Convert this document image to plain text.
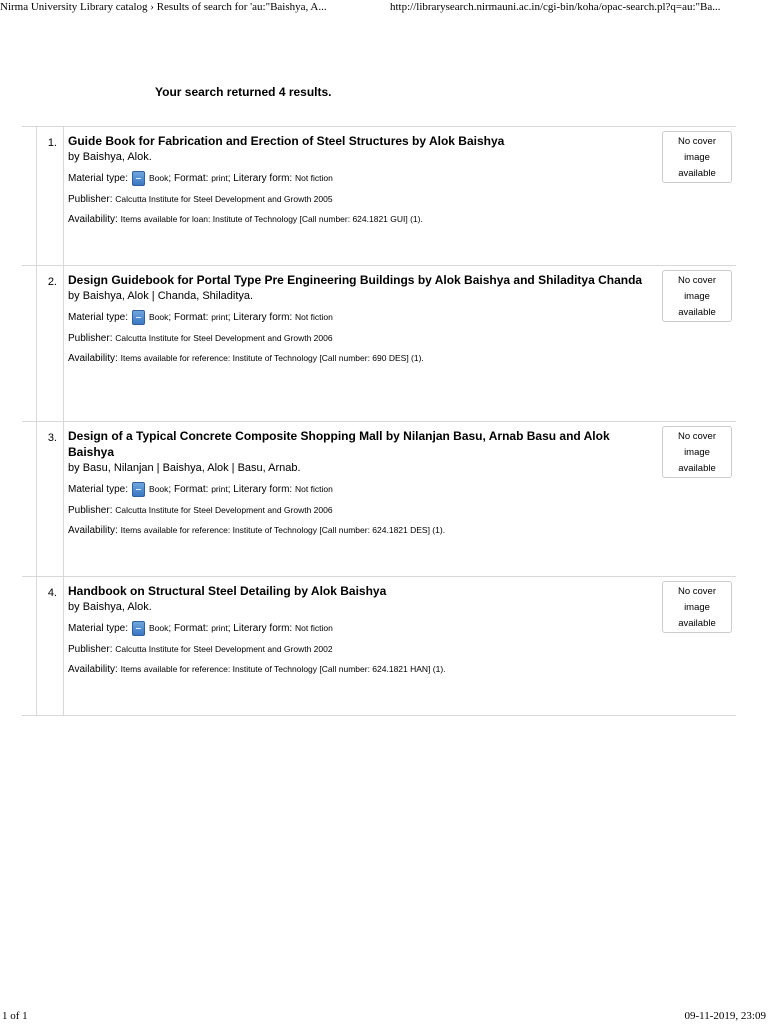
Nirma University Library catalog › Results of search for 'au:"Baishya, A...	http://librarysearch.nirmauni.ac.in/cgi-bin/koha/opac-search.pl?q=au:"Ba...
Your search returned 4 results.
1. Guide Book for Fabrication and Erection of Steel Structures by Alok Baishya
by Baishya, Alok.
Material type: Book ; Format:
print ; Literary form:
Not fiction
Publisher:
Calcutta Institute for Steel Development and Growth 2005
Availability:
Items available for loan: Institute of Technology [Call number: 624.1821 GUI] (1).
No cover
image
available
2. Design Guidebook for Portal Type Pre Engineering Buildings by Alok Baishya and Shiladitya Chanda
by Baishya, Alok | Chanda, Shiladitya.
Material type: Book ; Format:
print ; Literary form:
Not fiction
Publisher:
Calcutta Institute for Steel Development and Growth 2006
Availability:
Items available for reference: Institute of Technology [Call number: 690 DES] (1).
No cover
image
available
3. Design of a Typical Concrete Composite Shopping Mall by Nilanjan Basu, Arnab Basu and Alok Baishya
by Basu, Nilanjan | Baishya, Alok | Basu, Arnab.
Material type: Book ; Format:
print ; Literary form:
Not fiction
Publisher:
Calcutta Institute for Steel Development and Growth 2006
Availability:
Items available for reference: Institute of Technology [Call number: 624.1821 DES] (1).
No cover
image
available
4. Handbook on Structural Steel Detailing by Alok Baishya
by Baishya, Alok.
Material type: Book ; Format:
print ; Literary form:
Not fiction
Publisher:
Calcutta Institute for Steel Development and Growth 2002
Availability:
Items available for reference: Institute of Technology [Call number: 624.1821 HAN] (1).
No cover
image
available
1 of 1	09-11-2019, 23:09
